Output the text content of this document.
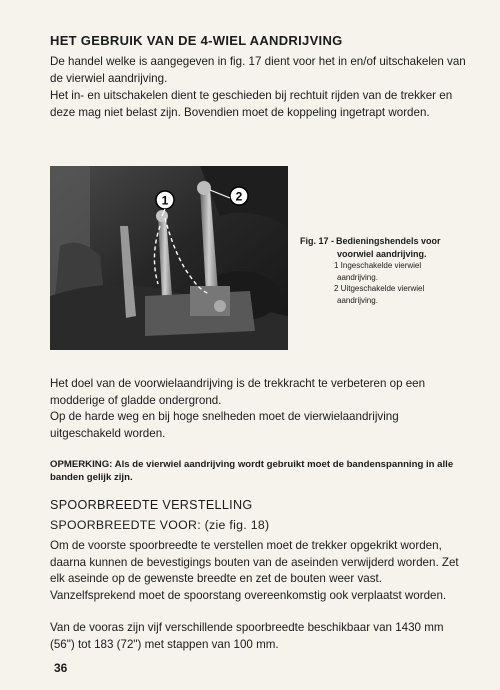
HET GEBRUIK VAN DE 4-WIEL AANDRIJVING

De handel welke is aangegeven in fig. 17 dient voor het in en/of uitschakelen van de vierwiel aandrijving.

Het in- en uitschakelen dient te geschieden bij rechtuit rijden van de trekker en deze mag niet belast zijn. Bovendien moet de koppeling ingetrapt worden.

1	2
Fig. 17 - Bedieningshendels voor
voorwiel aandrijving.
1 Ingeschakelde vierwiel aandrijving.
2 Uitgeschakelde vierwiel aandrijving.

Het doel van de voorwielaandrijving is de trekkracht te verbeteren op een modderige of gladde ondergrond.

Op de harde weg en bij hoge snelheden moet de vierwielaandrijving uitgeschakeld worden.

OPMERKING: Als de vierwiel aandrijving wordt gebruikt moet de bandenspanning in alle banden gelijk zijn.

SPOORBREEDTE VERSTELLING
SPOORBREEDTE VOOR: (zie fig. 18)

Om de voorste spoorbreedte te verstellen moet de trekker opgekrikt worden, daarna kunnen de bevestigings bouten van de aseinden verwijderd worden. Zet elk aseinde op de gewenste breedte en zet de bouten weer vast. Vanzelfsprekend moet de spoorstang overeenkomstig ook verplaatst worden.

Van de vooras zijn vijf verschillende spoorbreedte beschikbaar van 1430 mm (56") tot 183 (72") met stappen van 100 mm.

36
